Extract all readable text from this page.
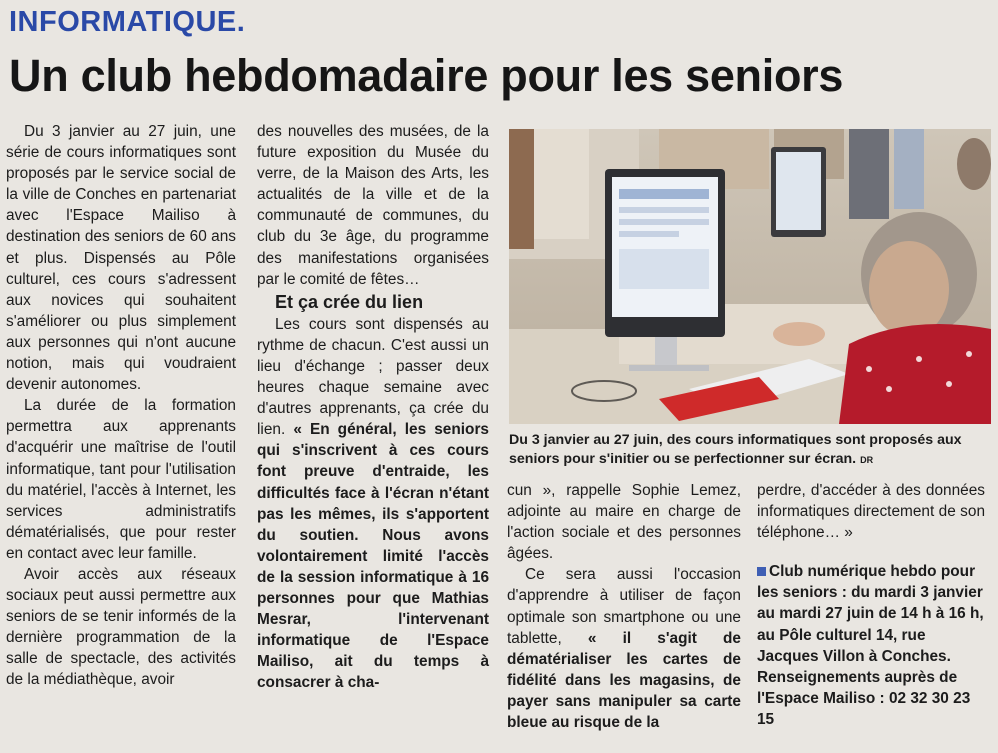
INFORMATIQUE.
Un club hebdomadaire pour les seniors

Du 3 janvier au 27 juin, une série de cours informatiques sont proposés par le service social de la ville de Conches en partenariat avec l'Espace Mailiso à destination des seniors de 60 ans et plus. Dispensés au Pôle culturel, ces cours s'adressent aux novices qui souhaitent s'améliorer ou plus simplement aux personnes qui n'ont aucune notion, mais qui voudraient devenir autonomes.

La durée de la formation permettra aux apprenants d'acquérir une maîtrise de l'outil informatique, tant pour l'utilisation du matériel, l'accès à Internet, les services administratifs dématérialisés, que pour rester en contact avec leur famille.

Avoir accès aux réseaux sociaux peut aussi permettre aux seniors de se tenir informés de la dernière programmation de la salle de spectacle, des activités de la médiathèque, avoir

des nouvelles des musées, de la future exposition du Musée du verre, de la Maison des Arts, les actualités de la ville et de la communauté de communes, du club du 3e âge, du programme des manifestations organisées par le comité de fêtes…

Et ça crée du lien

Les cours sont dispensés au rythme de chacun. C'est aussi un lieu d'échange ; passer deux heures chaque semaine avec d'autres apprenants, ça crée du lien. « En général, les seniors qui s'inscrivent à ces cours font preuve d'entraide, les difficultés face à l'écran n'étant pas les mêmes, ils s'apportent du soutien. Nous avons volontairement limité l'accès de la session informatique à 16 personnes pour que Mathias Mesrar, l'intervenant informatique de l'Espace Mailiso, ait du temps à consacrer à cha-

Du 3 janvier au 27 juin, des cours informatiques sont proposés aux seniors pour s'initier ou se perfectionner sur écran. DR

cun », rappelle Sophie Lemez, adjointe au maire en charge de l'action sociale et des personnes âgées.

Ce sera aussi l'occasion d'apprendre à utiliser de façon optimale son smartphone ou une tablette, « il s'agit de dématérialiser les cartes de fidélité dans les magasins, de payer sans manipuler sa carte bleue au risque de la

perdre, d'accéder à des données informatiques directement de son téléphone… »

Club numérique hebdo pour les seniors : du mardi 3 janvier au mardi 27 juin de 14 h à 16 h, au Pôle culturel 14, rue Jacques Villon à Conches. Renseignements auprès de l'Espace Mailiso : 02 32 30 23 15
